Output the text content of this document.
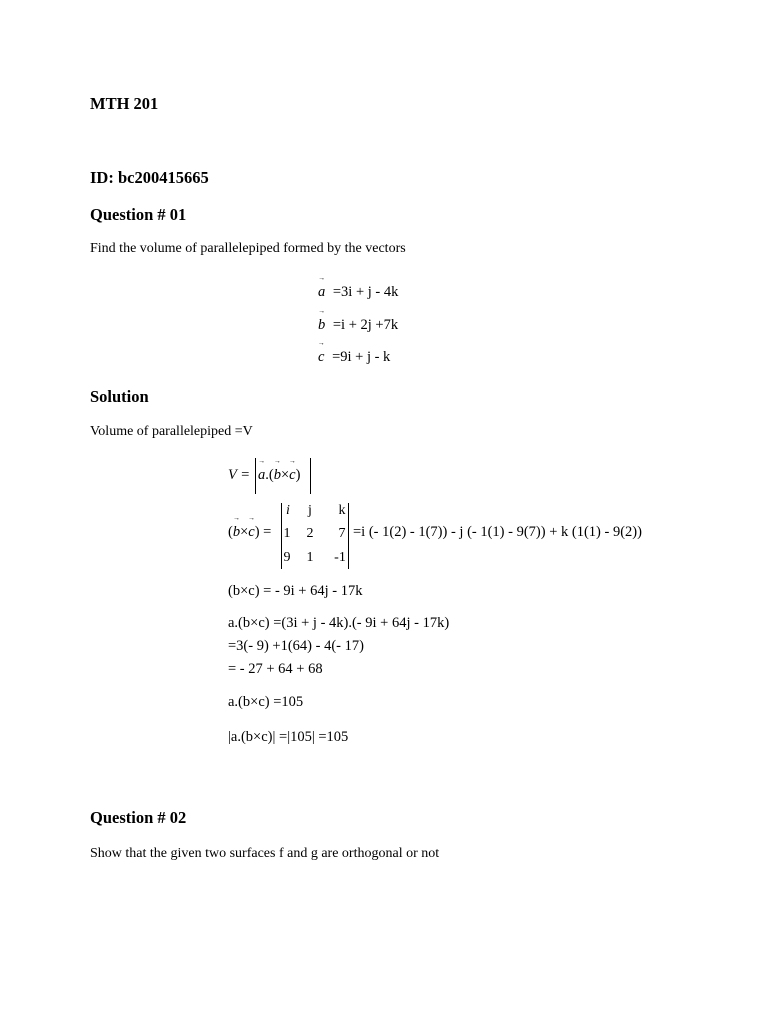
MTH 201
ID: bc200415665
Question # 01
Find the volume of parallelepiped formed by the vectors
→ a =3i + j - 4k
→ b =i + 2j +7k
→ c =9i + j - k
Solution
Volume of parallelepiped =V
V =
→ a.(→ b×→ c)
(→ b×→ c) =
i	j	k
1	2	7
9	1	-1
=i (- 1(2) - 1(7)) - j (- 1(1) - 9(7)) + k (1(1) - 9(2))
(b×c) = - 9i + 64j - 17k
a.(b×c) =(3i + j - 4k).(- 9i + 64j - 17k)
=3(- 9) +1(64) - 4(- 17)
= - 27 + 64 + 68
a.(b×c) =105
|a.(b×c)| =|105| =105
Question # 02
Show that the given two surfaces f and g are orthogonal or not
